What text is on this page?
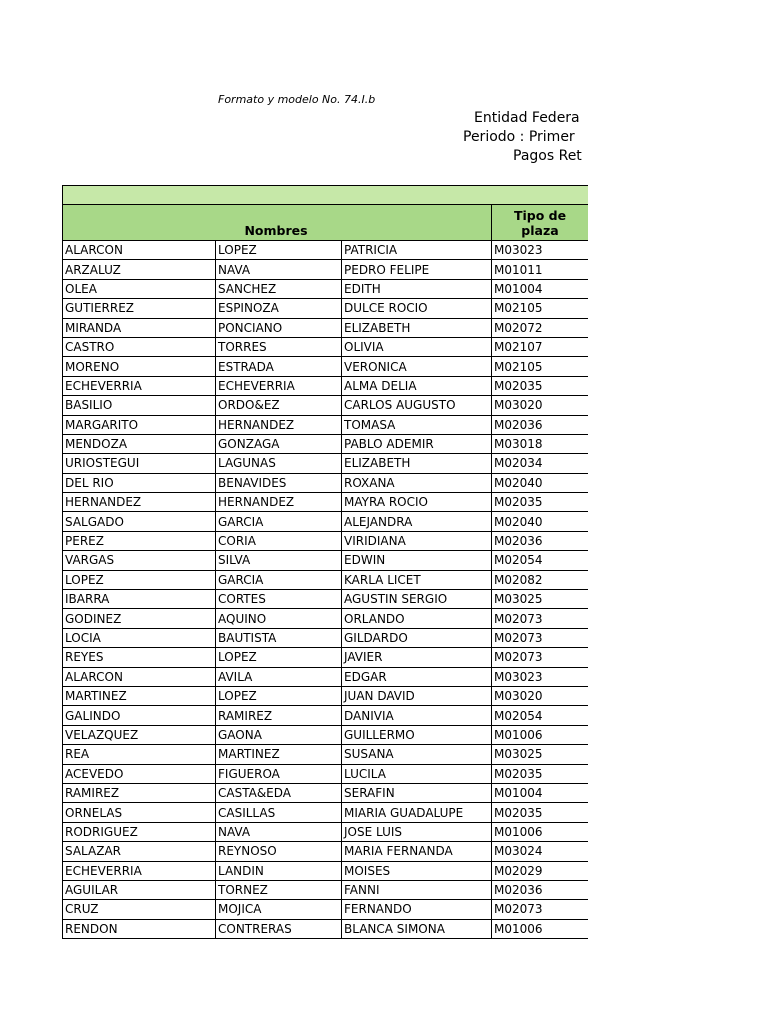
Formato y modelo No. 74.I.b
Entidad Federa
Periodo : Primer
Pagos Ret

Nombres			Tipo de plaza
ALARCON	LOPEZ	PATRICIA	M03023
ARZALUZ	NAVA	PEDRO FELIPE	M01011
OLEA	SANCHEZ	EDITH	M01004
GUTIERREZ	ESPINOZA	DULCE ROCIO	M02105
MIRANDA	PONCIANO	ELIZABETH	M02072
CASTRO	TORRES	OLIVIA	M02107
MORENO	ESTRADA	VERONICA	M02105
ECHEVERRIA	ECHEVERRIA	ALMA DELIA	M02035
BASILIO	ORDO&EZ	CARLOS AUGUSTO	M03020
MARGARITO	HERNANDEZ	TOMASA	M02036
MENDOZA	GONZAGA	PABLO ADEMIR	M03018
URIOSTEGUI	LAGUNAS	ELIZABETH	M02034
DEL RIO	BENAVIDES	ROXANA	M02040
HERNANDEZ	HERNANDEZ	MAYRA ROCIO	M02035
SALGADO	GARCIA	ALEJANDRA	M02040
PEREZ	CORIA	VIRIDIANA	M02036
VARGAS	SILVA	EDWIN	M02054
LOPEZ	GARCIA	KARLA LICET	M02082
IBARRA	CORTES	AGUSTIN SERGIO	M03025
GODINEZ	AQUINO	ORLANDO	M02073
LOCIA	BAUTISTA	GILDARDO	M02073
REYES	LOPEZ	JAVIER	M02073
ALARCON	AVILA	EDGAR	M03023
MARTINEZ	LOPEZ	JUAN DAVID	M03020
GALINDO	RAMIREZ	DANIVIA	M02054
VELAZQUEZ	GAONA	GUILLERMO	M01006
REA	MARTINEZ	SUSANA	M03025
ACEVEDO	FIGUEROA	LUCILA	M02035
RAMIREZ	CASTA&EDA	SERAFIN	M01004
ORNELAS	CASILLAS	MIARIA GUADALUPE	M02035
RODRIGUEZ	NAVA	JOSE LUIS	M01006
SALAZAR	REYNOSO	MARIA FERNANDA	M03024
ECHEVERRIA	LANDIN	MOISES	M02029
AGUILAR	TORNEZ	FANNI	M02036
CRUZ	MOJICA	FERNANDO	M02073
RENDON	CONTRERAS	BLANCA SIMONA	M01006
